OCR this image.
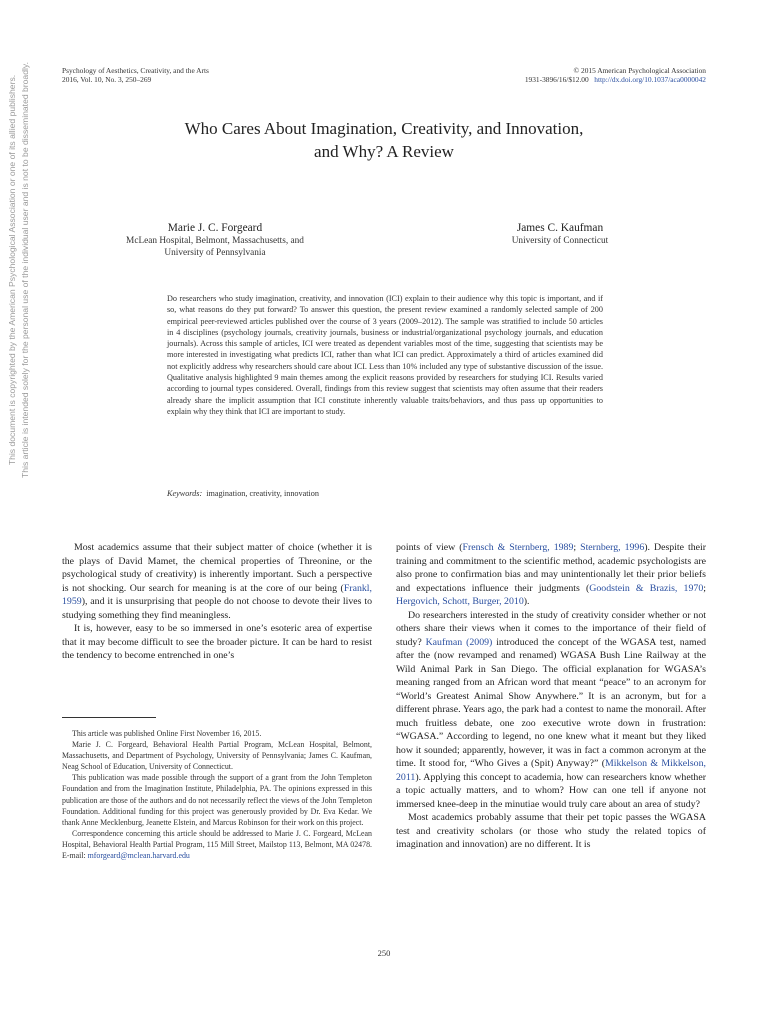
This document is copyrighted by the American Psychological Association or one of its allied publishers. This article is intended solely for the personal use of the individual user and is not to be disseminated broadly.	Psychology of Aesthetics, Creativity, and the Arts
2016, Vol. 10, No. 3, 250–269
© 2015 American Psychological Association
1931-3896/16/$12.00 http://dx.doi.org/10.1037/aca0000042
Who Cares About Imagination, Creativity, and Innovation,
and Why? A Review
Marie J. C. Forgeard
McLean Hospital, Belmont, Massachusetts, and
University of Pennsylvania
James C. Kaufman
University of Connecticut
Do researchers who study imagination, creativity, and innovation (ICI) explain to their audience why this topic is important, and if so, what reasons do they put forward? To answer this question, the present review examined a randomly selected sample of 200 empirical peer-reviewed articles published over the course of 3 years (2009–2012). The sample was stratified to include 50 articles in 4 disciplines (psychology journals, creativity journals, business or industrial/organizational psychology journals, and education journals). Across this sample of articles, ICI were treated as dependent variables most of the time, suggesting that scientists may be more interested in investigating what predicts ICI, rather than what ICI can predict. Approximately a third of articles examined did not explicitly address why researchers should care about ICI. Less than 10% included any type of substantive discussion of the issue. Qualitative analysis highlighted 9 main themes among the explicit reasons provided by researchers for studying ICI. Results varied according to journal types considered. Overall, findings from this review suggest that scientists may often assume that their readers already share the implicit assumption that ICI constitute inherently valuable traits/behaviors, and thus pass up opportunities to explain why they think that ICI are important to study.
Keywords: imagination, creativity, innovation

Most academics assume that their subject matter of choice (whether it is the plays of David Mamet, the chemical properties of Threonine, or the psychological study of creativity) is inherently important. Such a perspective is not shocking. Our search for meaning is at the core of our being (Frankl, 1959), and it is unsurprising that people do not choose to devote their lives to studying something they find meaningless.

It is, however, easy to be so immersed in one’s esoteric area of expertise that it may become difficult to see the broader picture. It can be hard to resist the tendency to become entrenched in one’s

This article was published Online First November 16, 2015.

Marie J. C. Forgeard, Behavioral Health Partial Program, McLean Hospital, Belmont, Massachusetts, and Department of Psychology, University of Pennsylvania; James C. Kaufman, Neag School of Education, University of Connecticut.

This publication was made possible through the support of a grant from the John Templeton Foundation and from the Imagination Institute, Philadelphia, PA. The opinions expressed in this publication are those of the authors and do not necessarily reflect the views of the John Templeton Foundation. Additional funding for this project was generously provided by Dr. Eva Kedar. We thank Anne Mecklenburg, Jeanette Elstein, and Marcus Robinson for their work on this project.

Correspondence concerning this article should be addressed to Marie J. C. Forgeard, McLean Hospital, Behavioral Health Partial Program, 115 Mill Street, Mailstop 113, Belmont, MA 02478. E-mail: mforgeard@mclean.harvard.edu

points of view (Frensch & Sternberg, 1989; Sternberg, 1996). Despite their training and commitment to the scientific method, academic psychologists are also prone to confirmation bias and may unintentionally let their prior beliefs and expectations influence their judgments (Goodstein & Brazis, 1970; Hergovich, Schott, Burger, 2010).

Do researchers interested in the study of creativity consider whether or not others share their views when it comes to the importance of their field of study? Kaufman (2009) introduced the concept of the WGASA test, named after the (now revamped and renamed) WGASA Bush Line Railway at the Wild Animal Park in San Diego. The official explanation for WGASA’s meaning ranged from an African word that meant “peace” to an acronym for “World’s Greatest Animal Show Anywhere.” It is an acronym, but for a different phrase. Years ago, the park had a contest to name the monorail. After much fruitless debate, one zoo executive wrote down in frustration: “WGASA.” According to legend, no one knew what it meant but they liked how it sounded; apparently, however, it was in fact a common acronym at the time. It stood for, “Who Gives a (Spit) Anyway?” (Mikkelson & Mikkelson, 2011). Applying this concept to academia, how can researchers know whether a topic actually matters, and to whom? How can one tell if anyone not immersed knee-deep in the minutiae would truly care about an area of study?

Most academics probably assume that their pet topic passes the WGASA test and creativity scholars (or those who study the related topics of imagination and innovation) are no different. It is

250
